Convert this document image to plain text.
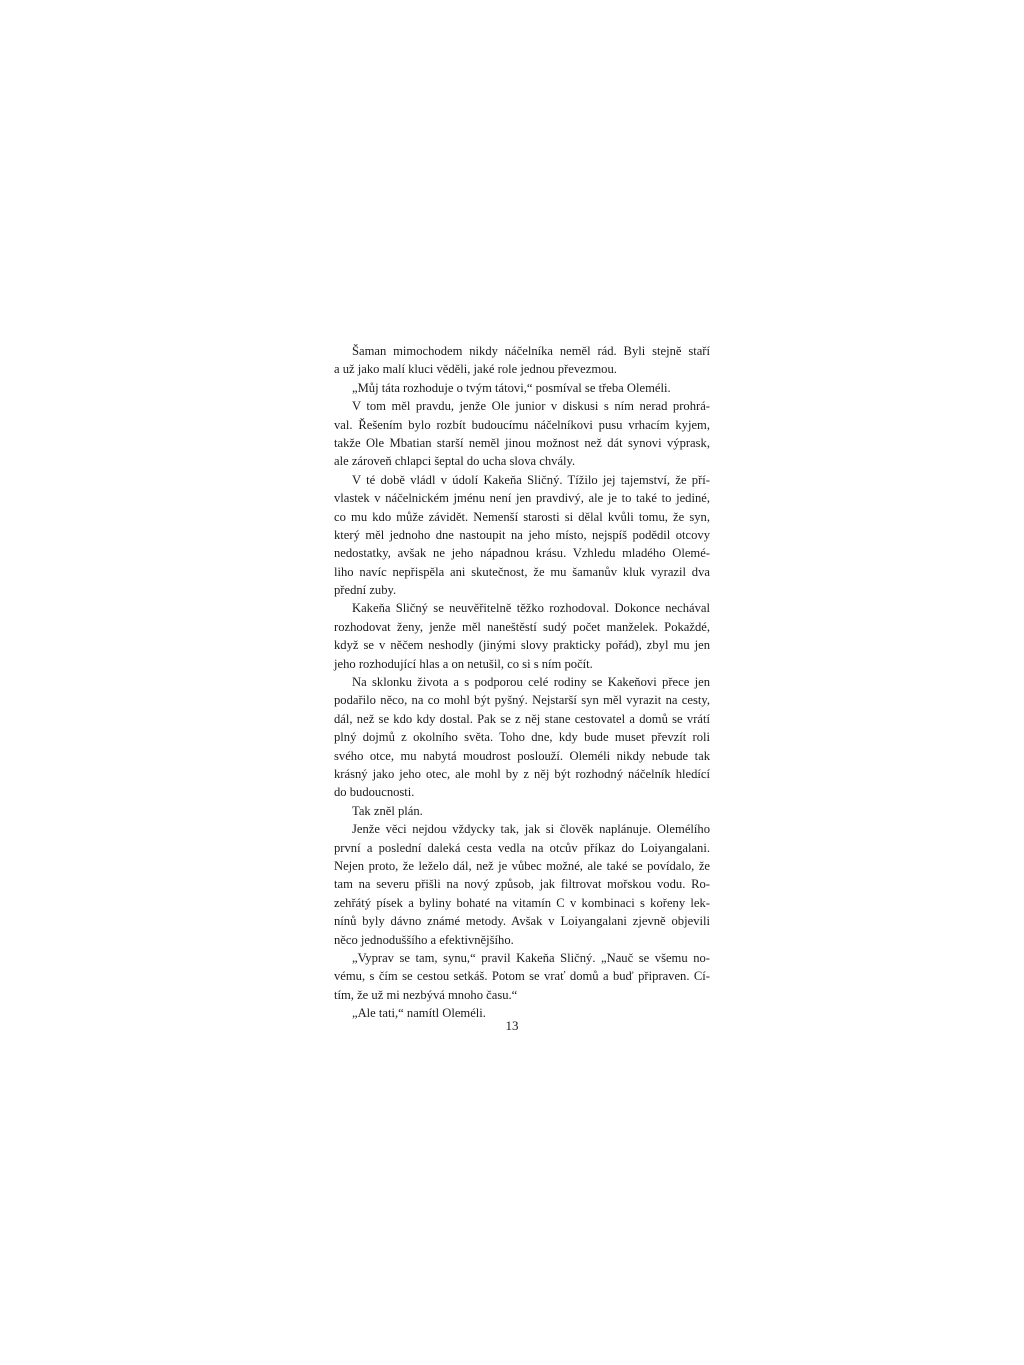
Šaman mimochodem nikdy náčelníka neměl rád. Byli stejně staří
a už jako malí kluci věděli, jaké role jednou převezmou.
„Můj táta rozhoduje o tvým tátovi,“ posmíval se třeba Oleméli.
V tom měl pravdu, jenže Ole junior v diskusi s ním nerad prohrá-
val. Řešením bylo rozbít budoucímu náčelníkovi pusu vrhacím kyjem,
takže Ole Mbatian starší neměl jinou možnost než dát synovi výprask,
ale zároveň chlapci šeptal do ucha slova chvály.
V té době vládl v údolí Kakeňa Sličný. Tížilo jej tajemství, že pří-
vlastek v náčelnickém jménu není jen pravdivý, ale je to také to jediné,
co mu kdo může závidět. Nemenší starosti si dělal kvůli tomu, že syn,
který měl jednoho dne nastoupit na jeho místo, nejspíš podědil otcovy
nedostatky, avšak ne jeho nápadnou krásu. Vzhledu mladého Olemé-
liho navíc nepřispěla ani skutečnost, že mu šamanův kluk vyrazil dva
přední zuby.
Kakeňa Sličný se neuvěřitelně těžko rozhodoval. Dokonce nechával
rozhodovat ženy, jenže měl naneštěstí sudý počet manželek. Pokaždé,
když se v něčem neshodly (jinými slovy prakticky pořád), zbyl mu jen
jeho rozhodující hlas a on netušil, co si s ním počít.
Na sklonku života a s podporou celé rodiny se Kakeňovi přece jen
podařilo něco, na co mohl být pyšný. Nejstarší syn měl vyrazit na cesty,
dál, než se kdo kdy dostal. Pak se z něj stane cestovatel a domů se vrátí
plný dojmů z okolního světa. Toho dne, kdy bude muset převzít roli
svého otce, mu nabytá moudrost poslouží. Oleméli nikdy nebude tak
krásný jako jeho otec, ale mohl by z něj být rozhodný náčelník hledící
do budoucnosti.
Tak zněl plán.
Jenže věci nejdou vždycky tak, jak si člověk naplánuje. Olemélího
první a poslední daleká cesta vedla na otcův příkaz do Loiyangalani.
Nejen proto, že leželo dál, než je vůbec možné, ale také se povídalo, že
tam na severu přišli na nový způsob, jak filtrovat mořskou vodu. Ro-
zehřátý písek a byliny bohaté na vitamín C v kombinaci s kořeny lek-
nínů byly dávno známé metody. Avšak v Loiyangalani zjevně objevili
něco jednoduššího a efektivnějšího.
„Vyprav se tam, synu,“ pravil Kakeňa Sličný. „Nauč se všemu no-
vému, s čím se cestou setkáš. Potom se vrať domů a buď připraven. Cí-
tím, že už mi nezbývá mnoho času.“
„Ale tati,“ namítl Oleméli.
13
